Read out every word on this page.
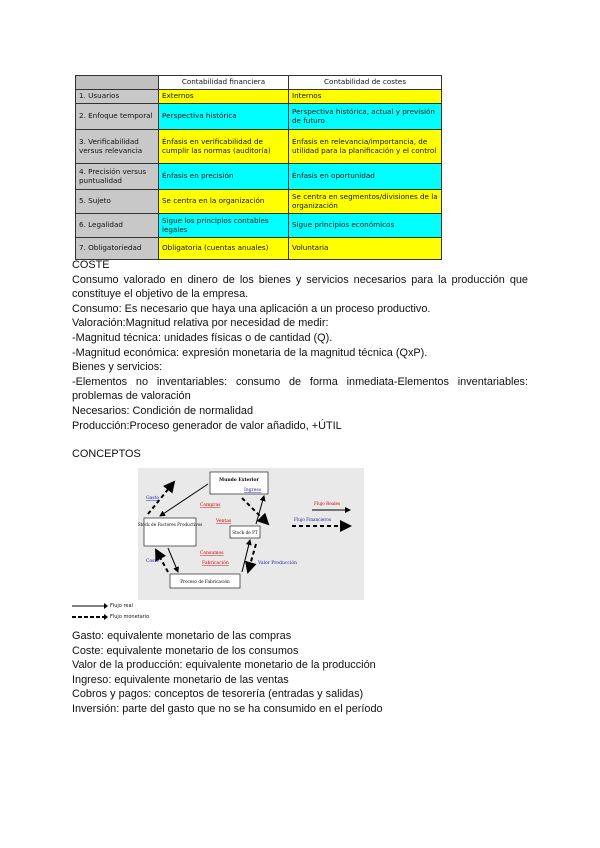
	Contabilidad financiera	Contabilidad de costes
1. Usuarios	Externos	Internos
2. Enfoque temporal	Perspectiva histórica	Perspectiva histórica, actual y previsión de futuro
3. Verificabilidad versus relevancia	Énfasis en verificabilidad de cumplir las normas (auditoría)	Énfasis en relevancia/importancia, de utilidad para la planificación y el control
4. Precisión versus puntualidad	Énfasis en precisión	Énfasis en oportunidad
5. Sujeto	Se centra en la organización	Se centra en segmentos/divisiones de la organización
6. Legalidad	Sigue los principios contables legales	Sigue principios económicos
7. Obligatoriedad	Obligatoria (cuentas anuales)	Voluntaria

COSTE

Consumo valorado en dinero de los bienes y servicios necesarios para la producción que

constituye el objetivo de la empresa.

Consumo: Es necesario que haya una aplicación a un proceso productivo.

Valoración:Magnitud relativa por necesidad de medir:

-Magnitud técnica: unidades físicas o de cantidad (Q).

-Magnitud económica: expresión monetaria de la magnitud técnica (QxP).

Bienes y servicios:

-Elementos no inventariables: consumo de forma inmediata-Elementos inventariables:

problemas de valoración

Necesarios: Condición de normalidad

Producción:Proceso generador de valor añadido, +ÚTIL

CONCEPTOS

Mundo Exterior
Stock de Factores Productivos
Stock de PT
Proceso de Fabricación
Gasto
Ingreso
Compras
Ventas
Consumos
Fabricación
Coste	Valor Producción
Flujo Reales
Flujo Financieros
Flujo real
Flujo monetario

Gasto: equivalente monetario de las compras

Coste: equivalente monetario de los consumos

Valor de la producción: equivalente monetario de la producción

Ingreso: equivalente monetario de las ventas

Cobros y pagos: conceptos de tesorería (entradas y salidas)

Inversión: parte del gasto que no se ha consumido en el período
